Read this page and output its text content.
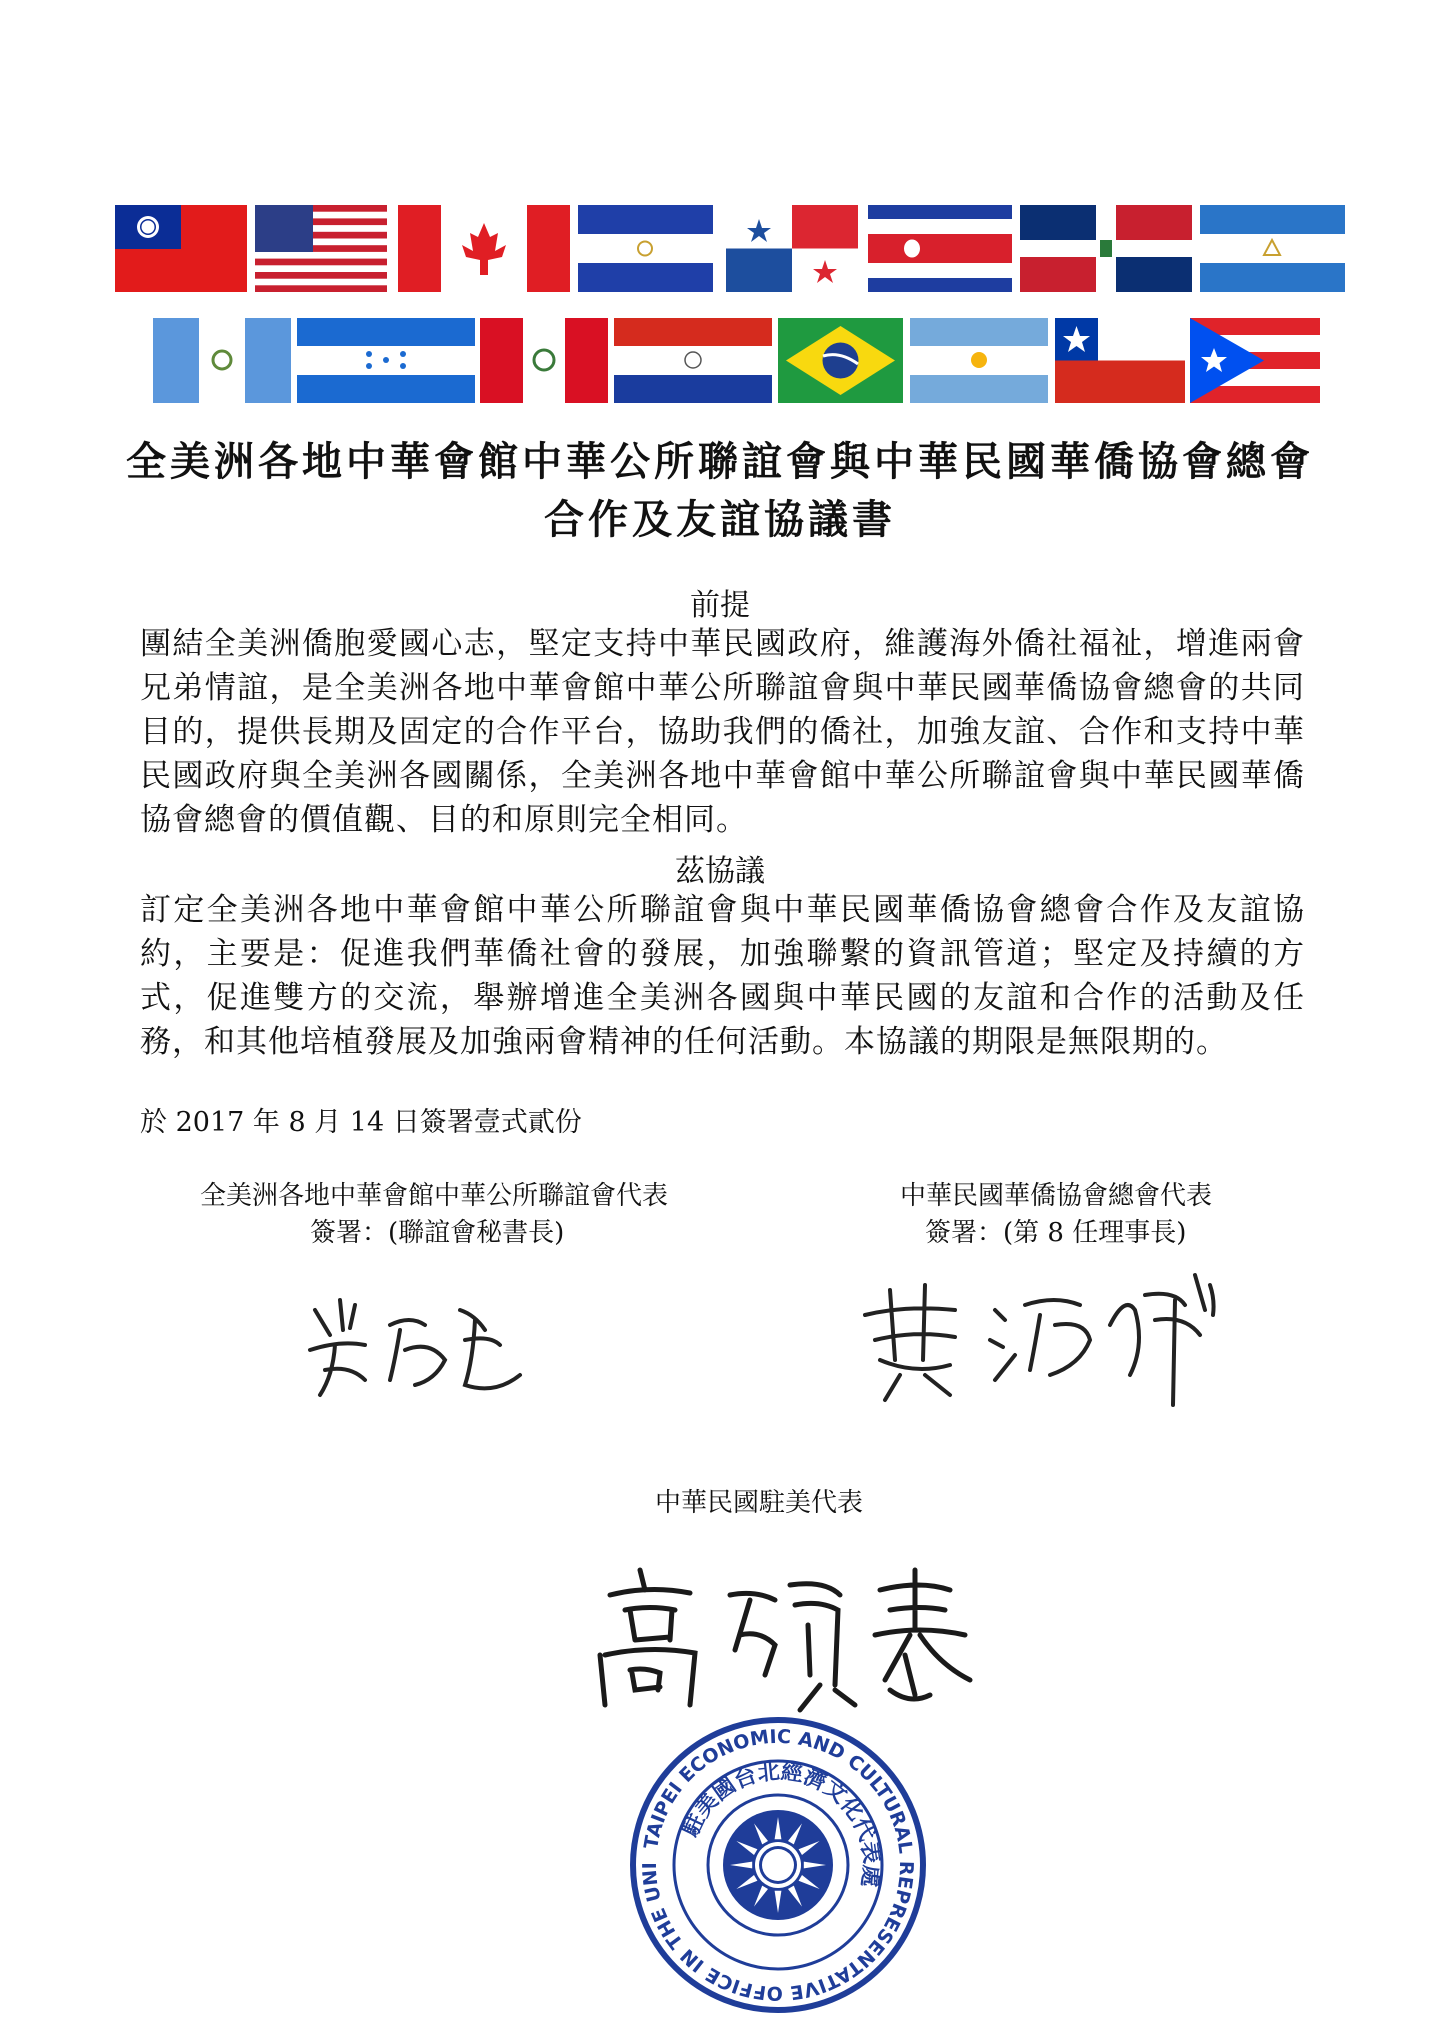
全美洲各地中華會館中華公所聯誼會與中華民國華僑協會總會
合作及友誼協議書
前提
團結全美洲僑胞愛國心志，堅定支持中華民國政府，維護海外僑社福祉，增進兩會兄弟情誼，是全美洲各地中華會館中華公所聯誼會與中華民國華僑協會總會的共同目的，提供長期及固定的合作平台，協助我們的僑社，加強友誼、合作和支持中華民國政府與全美洲各國關係，全美洲各地中華會館中華公所聯誼會與中華民國華僑協會總會的價值觀、目的和原則完全相同。
茲協議
訂定全美洲各地中華會館中華公所聯誼會與中華民國華僑協會總會合作及友誼協約，主要是：促進我們華僑社會的發展，加強聯繫的資訊管道；堅定及持續的方式，促進雙方的交流，舉辦增進全美洲各國與中華民國的友誼和合作的活動及任務，和其他培植發展及加強兩會精神的任何活動。本協議的期限是無限期的。
於 2017 年 8 月 14 日簽署壹式貳份
全美洲各地中華會館中華公所聯誼會代表
簽署：(聯誼會秘書長)
中華民國華僑協會總會代表
簽署：(第 8 任理事長)
中華民國駐美代表
TAIPEI ECONOMIC AND CULTURAL REPRESENTATIVE OFFICE IN THE UNITED STATES
駐美國台北經濟文化代表處
